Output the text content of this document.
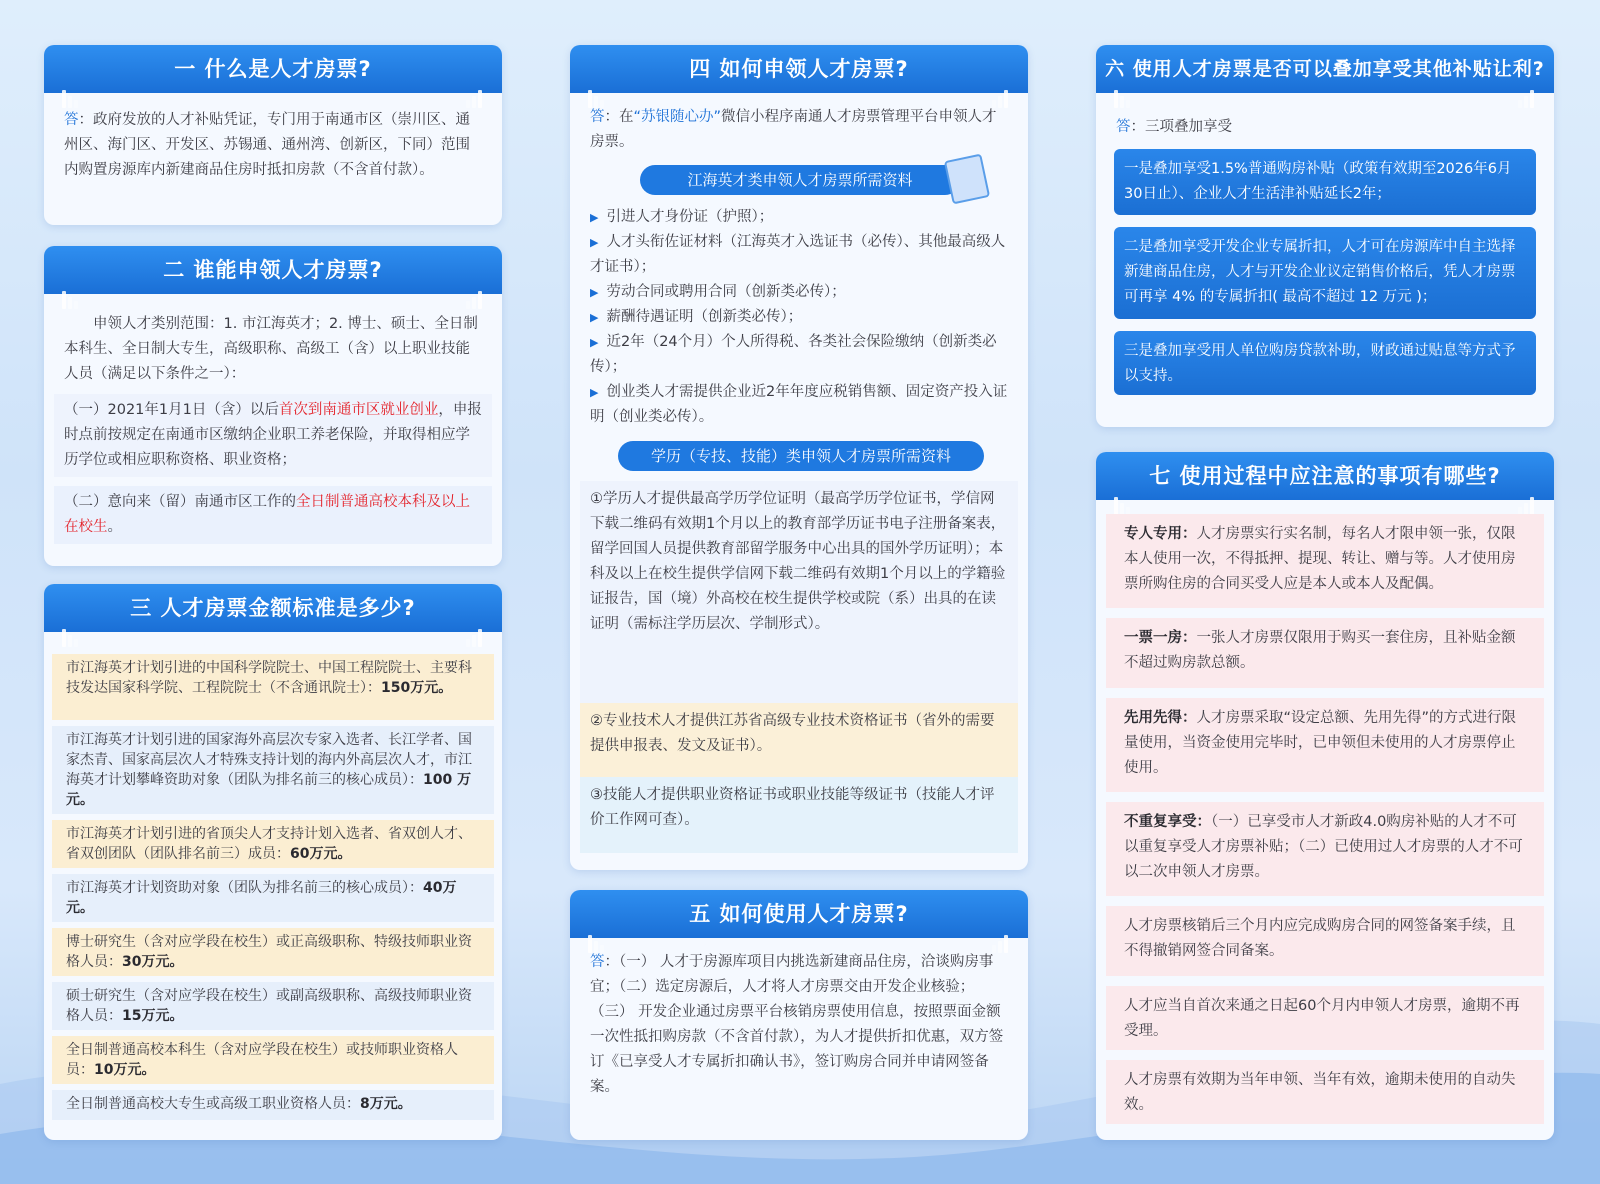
一 什么是人才房票?
答：政府发放的人才补贴凭证，专门用于南通市区（崇川区、通州区、海门区、开发区、苏锡通、通州湾、创新区，下同）范围内购置房源库内新建商品住房时抵扣房款（不含首付款）。
二 谁能申领人才房票?
申领人才类别范围：1. 市江海英才；2. 博士、硕士、全日制本科生、全日制大专生，高级职称、高级工（含）以上职业技能人员（满足以下条件之一）：
（一）2021年1月1日（含）以后首次到南通市区就业创业，申报时点前按规定在南通市区缴纳企业职工养老保险，并取得相应学历学位或相应职称资格、职业资格；
（二）意向来（留）南通市区工作的全日制普通高校本科及以上在校生。
三 人才房票金额标准是多少?
市江海英才计划引进的中国科学院院士、中国工程院院士、主要科技发达国家科学院、工程院院士（不含通讯院士）：150万元。
市江海英才计划引进的国家海外高层次专家入选者、长江学者、国家杰青、国家高层次人才特殊支持计划的海内外高层次人才，市江海英才计划攀峰资助对象（团队为排名前三的核心成员）：100 万元。
市江海英才计划引进的省顶尖人才支持计划入选者、省双创人才、省双创团队（团队排名前三）成员：60万元。
市江海英才计划资助对象（团队为排名前三的核心成员）：40万元。
博士研究生（含对应学段在校生）或正高级职称、特级技师职业资格人员：30万元。
硕士研究生（含对应学段在校生）或副高级职称、高级技师职业资格人员：15万元。
全日制普通高校本科生（含对应学段在校生）或技师职业资格人员：10万元。
全日制普通高校大专生或高级工职业资格人员：8万元。
四 如何申领人才房票?
答：在“苏银随心办”微信小程序南通人才房票管理平台申领人才房票。
江海英才类申领人才房票所需资料
▶ 引进人才身份证（护照）；
▶ 人才头衔佐证材料（江海英才入选证书（必传）、其他最高级人才证书）；
▶ 劳动合同或聘用合同（创新类必传）；
▶ 薪酬待遇证明（创新类必传）；
▶ 近2年（24个月）个人所得税、各类社会保险缴纳（创新类必传）；
▶ 创业类人才需提供企业近2年年度应税销售额、固定资产投入证明（创业类必传）。
学历（专技、技能）类申领人才房票所需资料
①学历人才提供最高学历学位证明（最高学历学位证书，学信网下载二维码有效期1个月以上的教育部学历证书电子注册备案表，留学回国人员提供教育部留学服务中心出具的国外学历证明）；本科及以上在校生提供学信网下载二维码有效期1个月以上的学籍验证报告，国（境）外高校在校生提供学校或院（系）出具的在读证明（需标注学历层次、学制形式）。
②专业技术人才提供江苏省高级专业技术资格证书（省外的需要提供申报表、发文及证书）。
③技能人才提供职业资格证书或职业技能等级证书（技能人才评价工作网可查）。
五 如何使用人才房票?
答：（一） 人才于房源库项目内挑选新建商品住房，洽谈购房事宜；（二）选定房源后，人才将人才房票交由开发企业核验；（三） 开发企业通过房票平台核销房票使用信息，按照票面金额一次性抵扣购房款（不含首付款），为人才提供折扣优惠，双方签订《已享受人才专属折扣确认书》，签订购房合同并申请网签备案。
六 使用人才房票是否可以叠加享受其他补贴让利?
答：三项叠加享受
一是叠加享受1.5%普通购房补贴（政策有效期至2026年6月30日止）、企业人才生活津补贴延长2年；
二是叠加享受开发企业专属折扣，人才可在房源库中自主选择新建商品住房，人才与开发企业议定销售价格后，凭人才房票可再享 4% 的专属折扣( 最高不超过 12 万元 )；
三是叠加享受用人单位购房贷款补助，财政通过贴息等方式予以支持。
七 使用过程中应注意的事项有哪些?
专人专用：人才房票实行实名制，每名人才限申领一张，仅限本人使用一次，不得抵押、提现、转让、赠与等。人才使用房票所购住房的合同买受人应是本人或本人及配偶。
一票一房：一张人才房票仅限用于购买一套住房，且补贴金额不超过购房款总额。
先用先得：人才房票采取“设定总额、先用先得”的方式进行限量使用，当资金使用完毕时，已申领但未使用的人才房票停止使用。
不重复享受：（一）已享受市人才新政4.0购房补贴的人才不可以重复享受人才房票补贴；（二）已使用过人才房票的人才不可以二次申领人才房票。
人才房票核销后三个月内应完成购房合同的网签备案手续，且不得撤销网签合同备案。
人才应当自首次来通之日起60个月内申领人才房票，逾期不再受理。
人才房票有效期为当年申领、当年有效，逾期未使用的自动失效。
